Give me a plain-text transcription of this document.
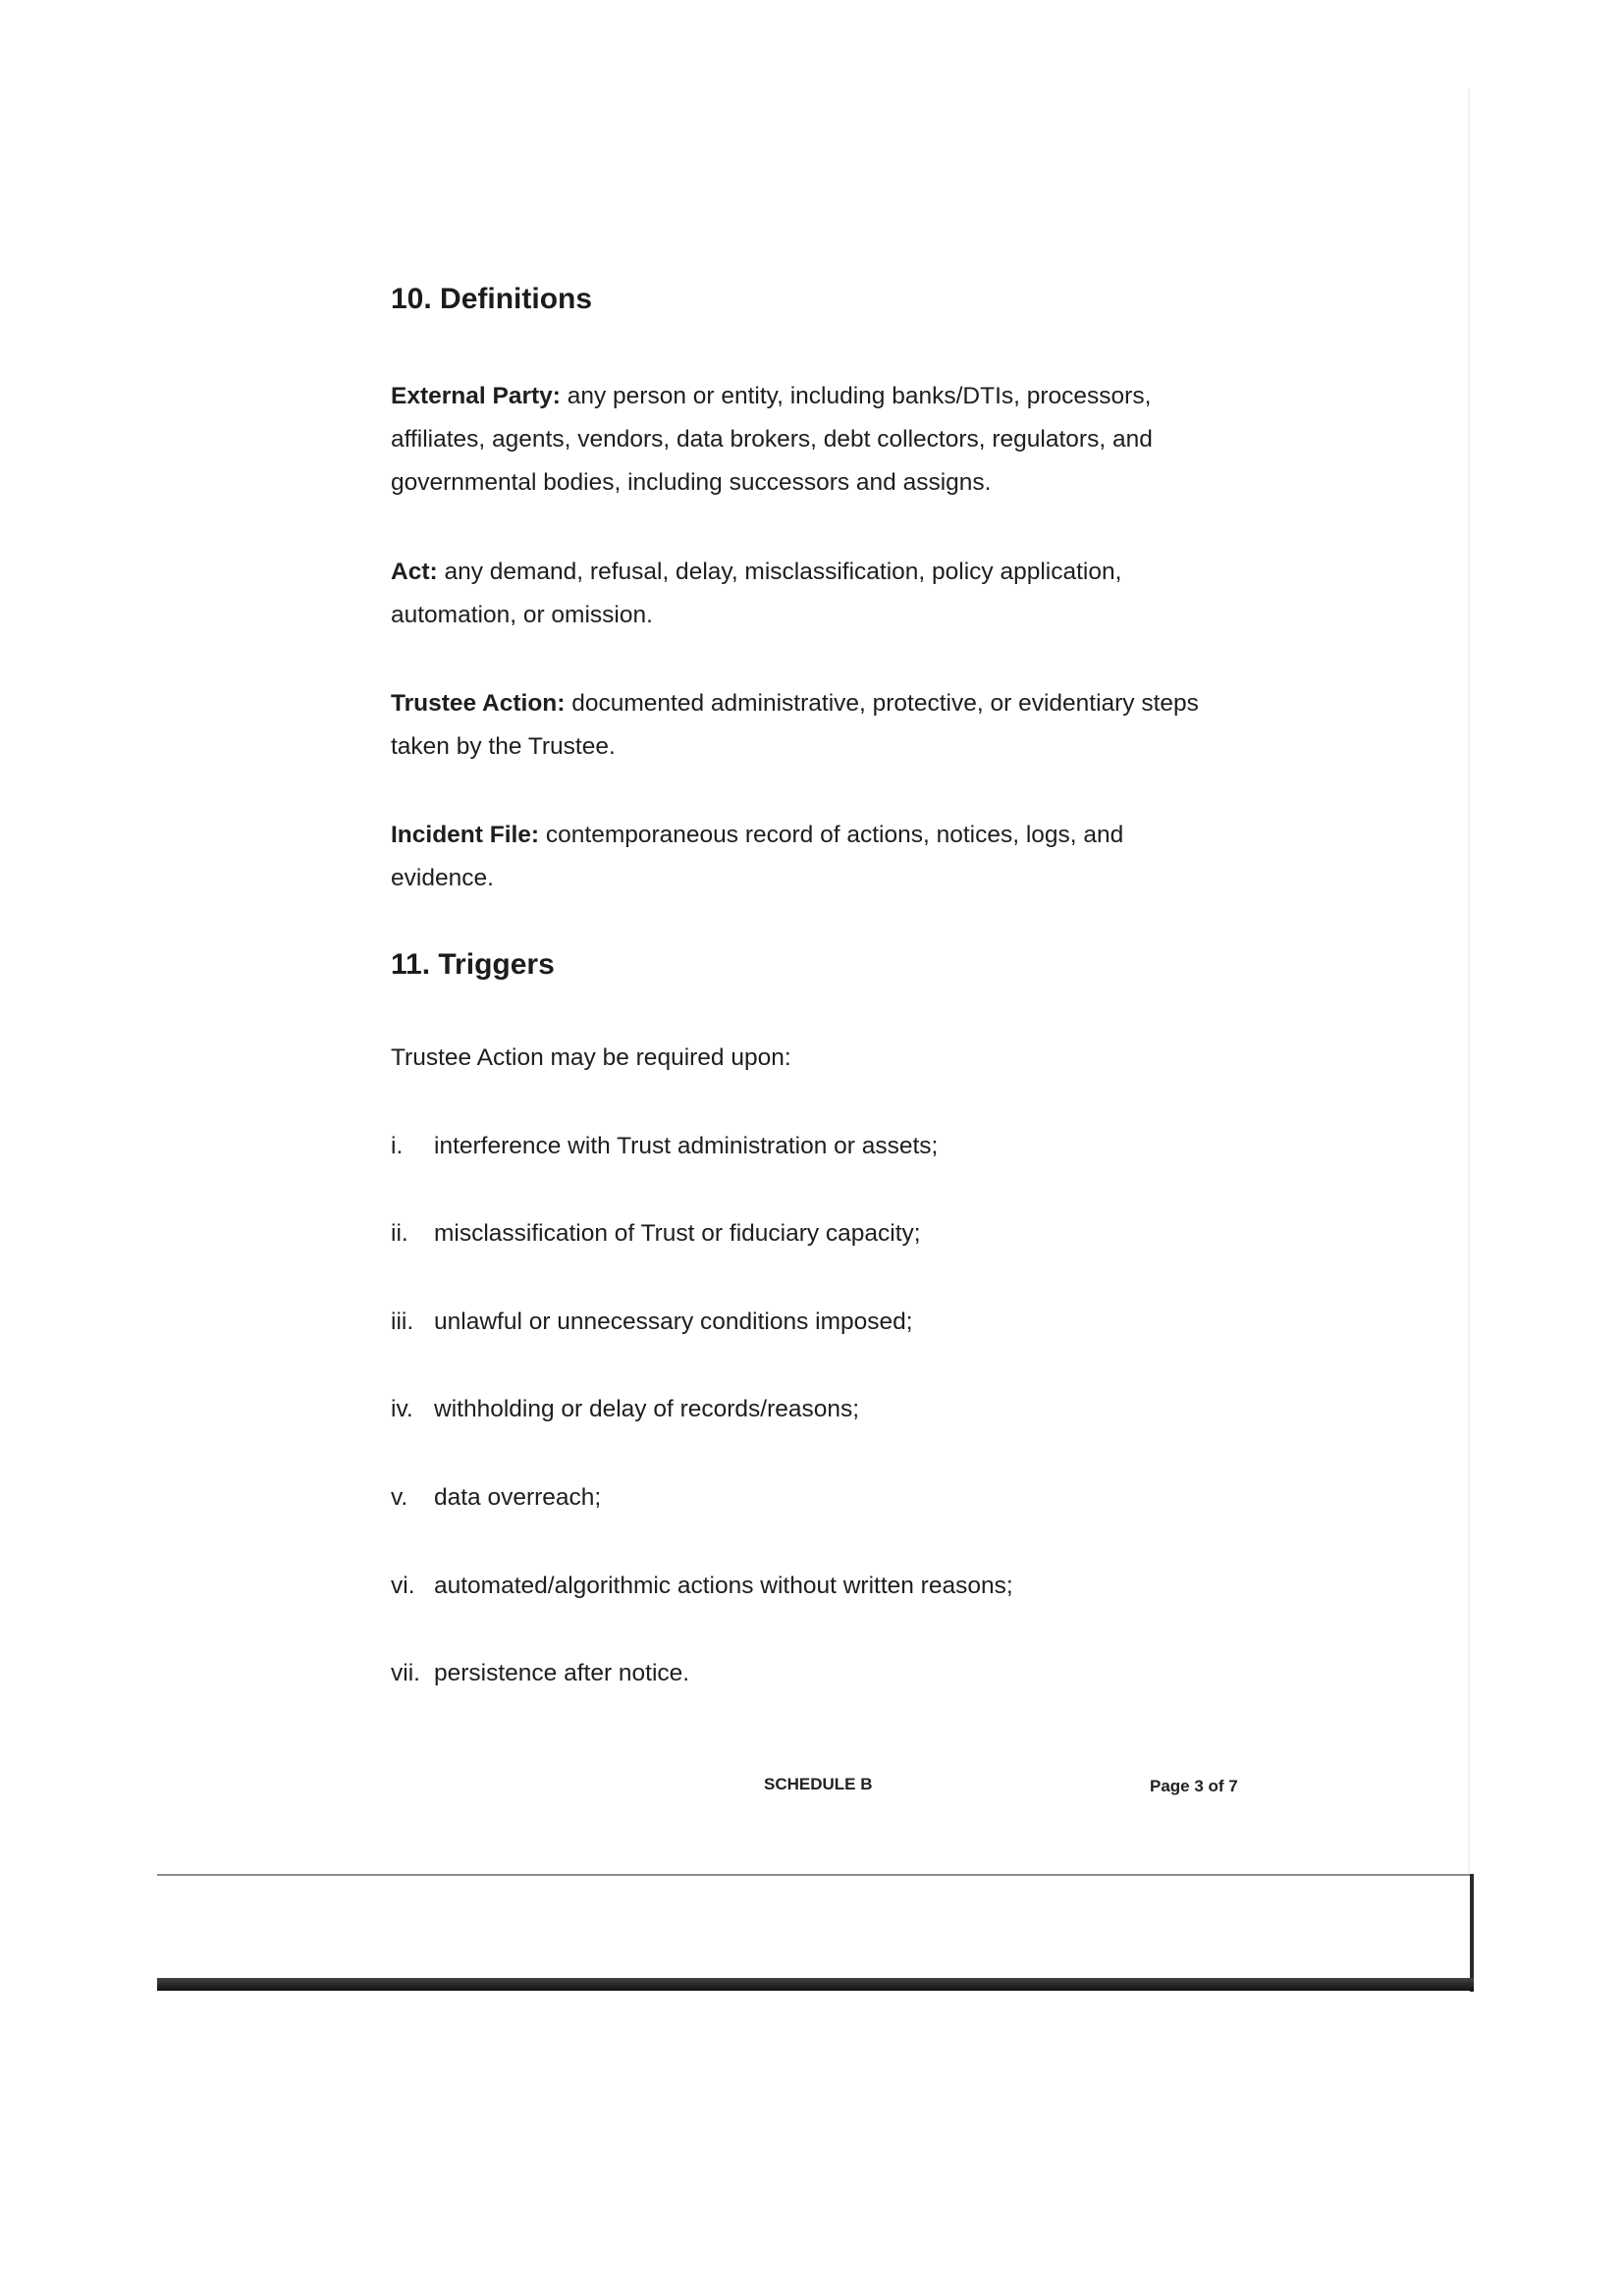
10. Definitions
External Party: any person or entity, including banks/DTIs, processors,
affiliates, agents, vendors, data brokers, debt collectors, regulators, and
governmental bodies, including successors and assigns.
Act: any demand, refusal, delay, misclassification, policy application,
automation, or omission.
Trustee Action: documented administrative, protective, or evidentiary steps
taken by the Trustee.
Incident File: contemporaneous record of actions, notices, logs, and
evidence.
11. Triggers
Trustee Action may be required upon:
i. interference with Trust administration or assets;
ii. misclassification of Trust or fiduciary capacity;
iii. unlawful or unnecessary conditions imposed;
iv. withholding or delay of records/reasons;
v. data overreach;
vi. automated/algorithmic actions without written reasons;
vii. persistence after notice.
SCHEDULE B	Page 3 of 7
